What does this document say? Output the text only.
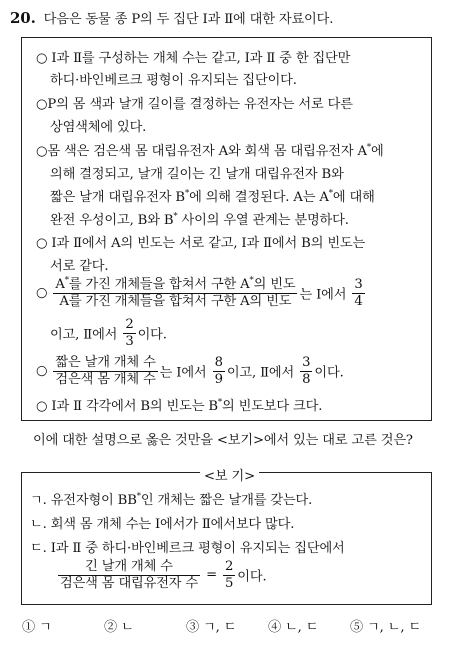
20. 다음은 동물 종 P의 두 집단 Ⅰ과 Ⅱ에 대한 자료이다.
○ Ⅰ과 Ⅱ를 구성하는 개체 수는 같고, Ⅰ과 Ⅱ 중 한 집단만
하디·바인베르크 평형이 유지되는 집단이다.
○P의 몸 색과 날개 길이를 결정하는 유전자는 서로 다른
상염색체에 있다.
○몸 색은 검은색 몸 대립유전자 A와 회색 몸 대립유전자 A*에
의해 결정되고, 날개 길이는 긴 날개 대립유전자 B와
짧은 날개 대립유전자 B*에 의해 결정된다. A는 A*에 대해
완전 우성이고, B와 B* 사이의 우열 관계는 분명하다.
○ Ⅰ과 Ⅱ에서 A의 빈도는 서로 같고, Ⅰ과 Ⅱ에서 B의 빈도는
서로 같다.
○ $\frac{A^*를 가진 개체들을 합쳐서 구한 A^*의 빈도}{\text{A를 가진 개체들을 합쳐서 구한 A의 빈도}}$ 는 Ⅰ에서 $\frac{3}{4}$
이고, Ⅱ에서 $\frac{2}{3}$ 이다.
○ $\frac{\text{짧은 날개 개체 수}}{\text{검은색 몸 개체 수}}$ 는 Ⅰ에서 $\frac{8}{9}$ 이고, Ⅱ에서 $\frac{3}{8}$ 이다.
○ Ⅰ과 Ⅱ 각각에서 B의 빈도는 B*의 빈도보다 크다.
이에 대한 설명으로 옳은 것만을 <보기>에서 있는 대로 고른 것은?
ㄱ. 유전자형이 BB*인 개체는 짧은 날개를 갖는다.
ㄴ. 회색 몸 개체 수는 Ⅰ에서가 Ⅱ에서보다 많다.
ㄷ. Ⅰ과 Ⅱ 중 하디·바인베르크 평형이 유지되는 집단에서
$\frac{\text{긴 날개 개체 수}}{\text{검은색 몸 대립유전자 수}} = \frac{2}{5}$ 이다.
<보 기>
① ㄱ	② ㄴ	③ ㄱ, ㄷ ④ ㄴ, ㄷ ⑤ ㄱ, ㄴ, ㄷ
